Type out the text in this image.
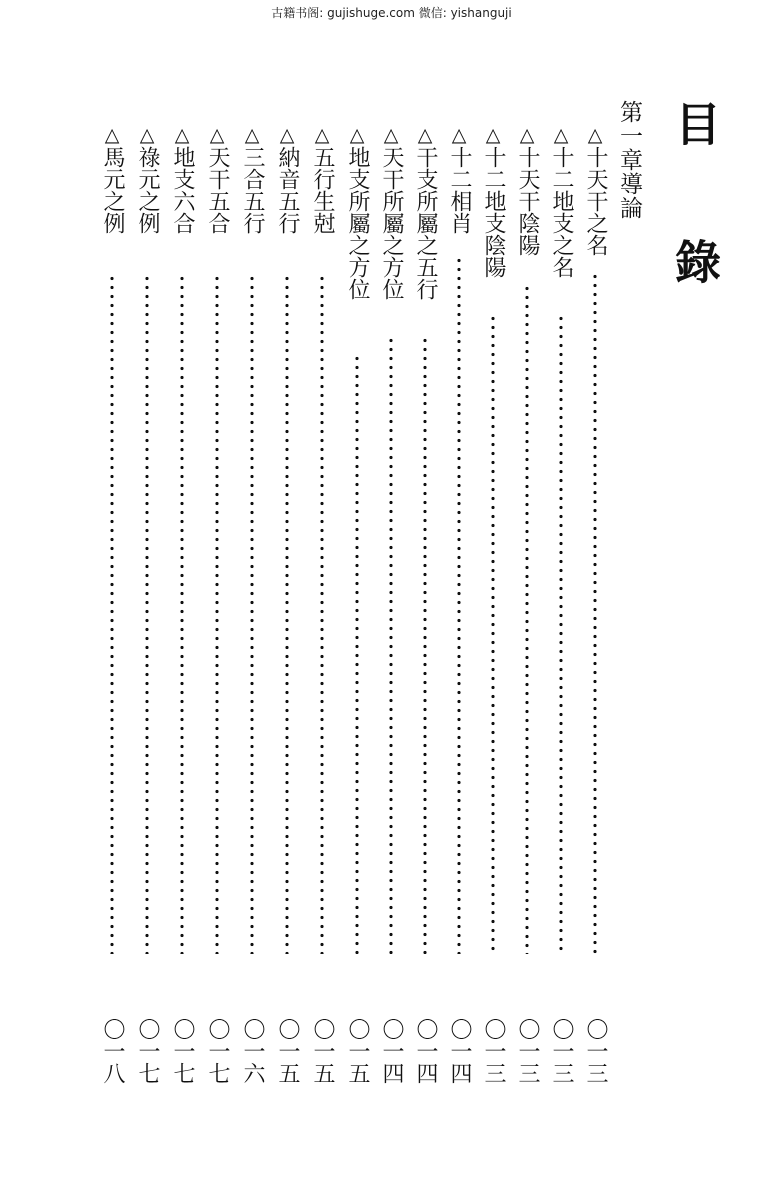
古籍书阁: gujishuge.com 微信: yishanguji
目 錄
第一章導論
△十天干之名
〇一三
△十二地支之名
〇一三
△十天干陰陽
〇一三
△十二地支陰陽
〇一三
△十二相肖
〇一四
△干支所屬之五行
〇一四
△天干所屬之方位
〇一四
△地支所屬之方位
〇一五
△五行生尅
〇一五
△納音五行
〇一五
△三合五行
〇一六
△天干五合
〇一七
△地支六合
〇一七
△祿元之例
〇一七
△馬元之例
〇一八
